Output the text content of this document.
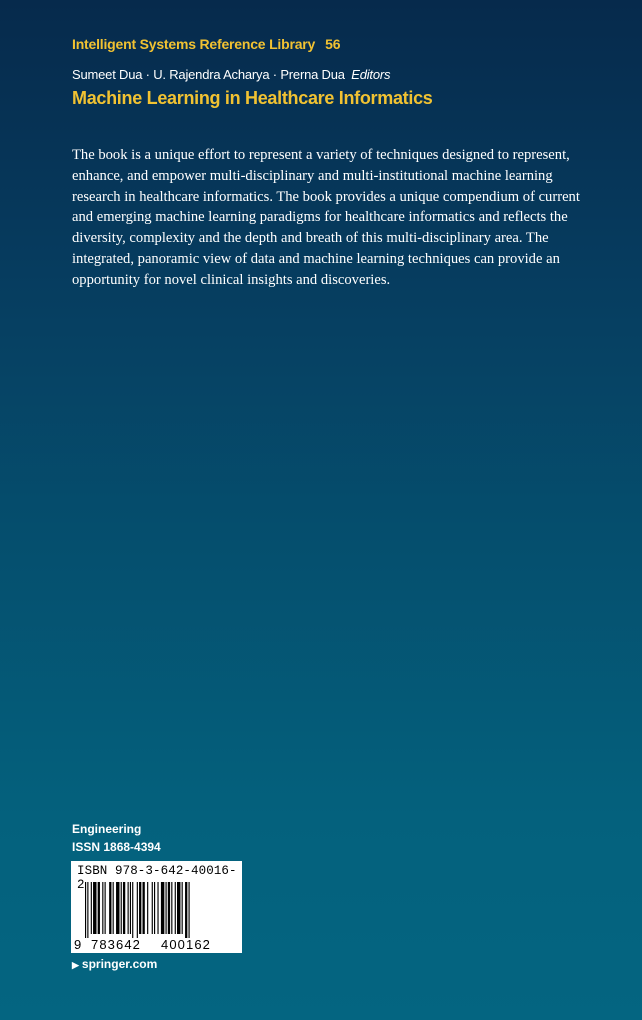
Intelligent Systems Reference Library 56
Sumeet Dua · U. Rajendra Acharya · Prerna Dua Editors
Machine Learning in Healthcare Informatics

The book is a unique effort to represent a variety of techniques designed to represent, enhance, and empower multi-disciplinary and multi-institutional machine learning research in healthcare informatics. The book provides a unique compendium of current and emerging machine learning paradigms for healthcare informatics and reflects the diversity, complexity and the depth and breath of this multi-disciplinary area. The integrated, panoramic view of data and machine learning techniques can provide an opportunity for novel clinical insights and discoveries.

Engineering
ISSN 1868-4394
ISBN 978-3-642-40016-2
9 783642 400162
▶ springer.com
